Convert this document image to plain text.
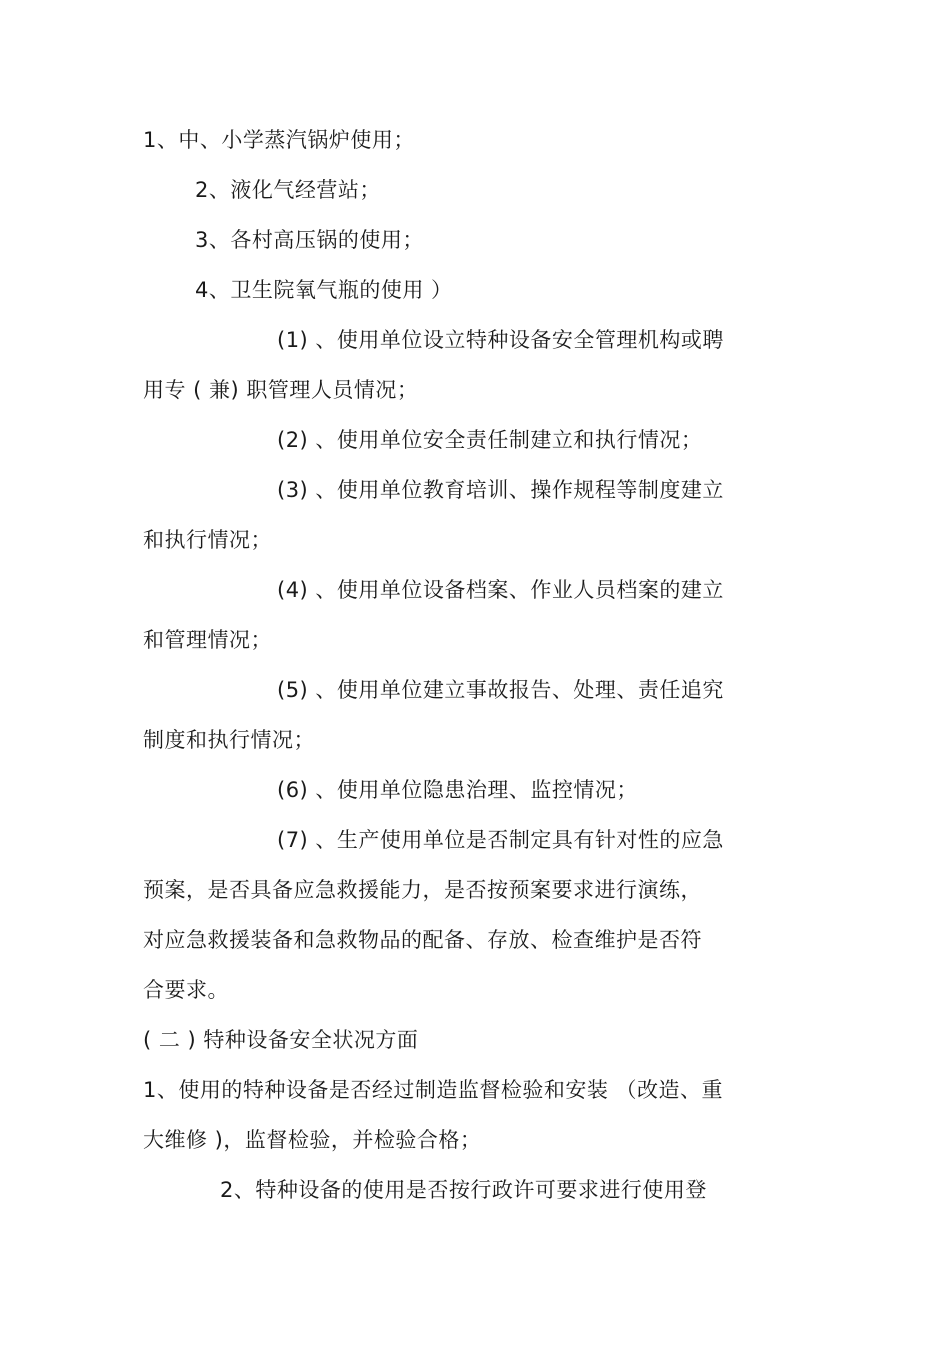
1、中、小学蒸汽锅炉使用；
2、液化气经营站；
3、各村高压锅的使用；
4、卫生院氧气瓶的使用 ）
(1) 、使用单位设立特种设备安全管理机构或聘
用专 ( 兼) 职管理人员情况；
(2) 、使用单位安全责任制建立和执行情况；
(3) 、使用单位教育培训、操作规程等制度建立
和执行情况；
(4) 、使用单位设备档案、作业人员档案的建立
和管理情况；
(5) 、使用单位建立事故报告、处理、责任追究
制度和执行情况；
(6) 、使用单位隐患治理、监控情况；
(7) 、生产使用单位是否制定具有针对性的应急
预案，是否具备应急救援能力，是否按预案要求进行演练，
对应急救援装备和急救物品的配备、存放、检查维护是否符
合要求。
( 二 ) 特种设备安全状况方面
1、使用的特种设备是否经过制造监督检验和安装 （改造、重
大维修 )，监督检验，并检验合格；
2、特种设备的使用是否按行政许可要求进行使用登
